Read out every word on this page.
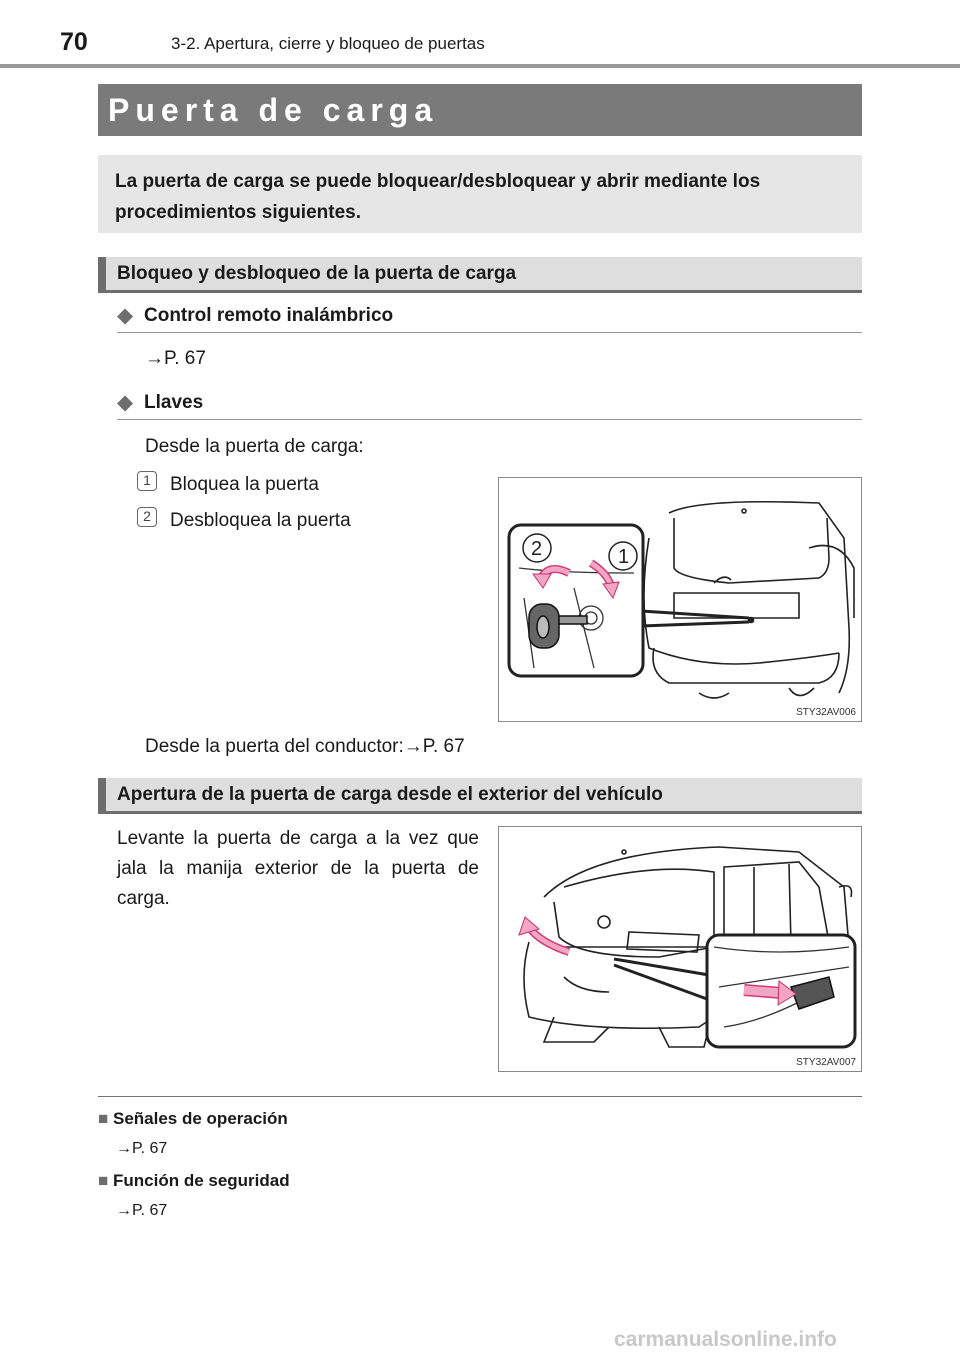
70	3-2. Apertura, cierre y bloqueo de puertas
Puerta de carga
La puerta de carga se puede bloquear/desbloquear y abrir mediante los procedimientos siguientes.
Bloqueo y desbloqueo de la puerta de carga
◆ Control remoto inalámbrico
→P. 67
◆ Llaves
Desde la puerta de carga:
1	Bloquea la puerta
2	Desbloquea la puerta
2	1
STY32AV006
Desde la puerta del conductor:→P. 67
Apertura de la puerta de carga desde el exterior del vehículo
Levante la puerta de carga a la vez que jala la manija exterior de la puerta de carga.
STY32AV007
■ Señales de operación
→P. 67
■ Función de seguridad
→P. 67
carmanualsonline.info
